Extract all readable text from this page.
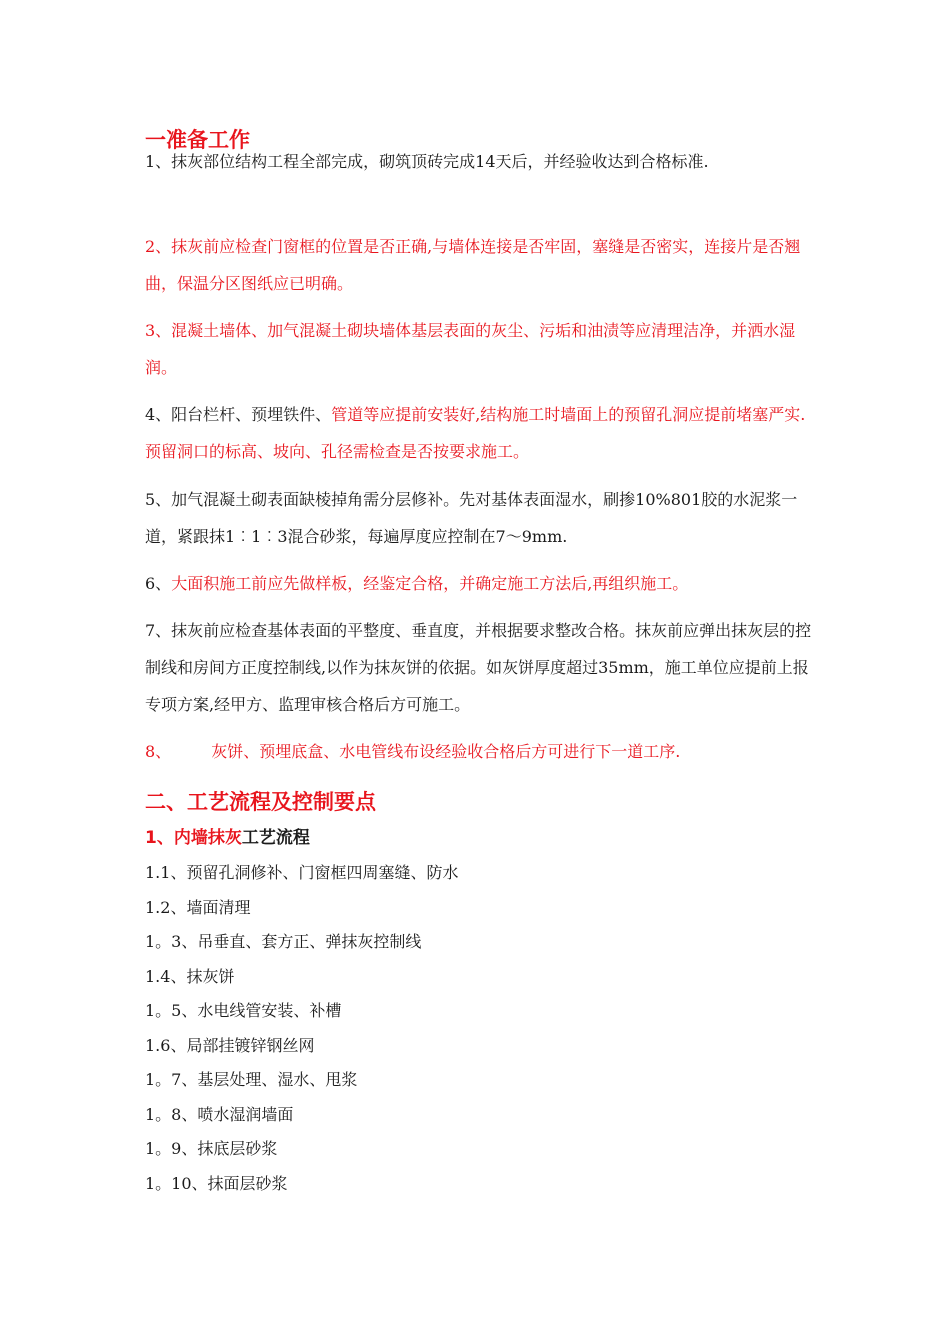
一准备工作
1、抹灰部位结构工程全部完成，砌筑顶砖完成14天后，并经验收达到合格标准.
2、抹灰前应检查门窗框的位置是否正确,与墙体连接是否牢固，塞缝是否密实，连接片是否翘曲，保温分区图纸应已明确。
3、混凝土墙体、加气混凝土砌块墙体基层表面的灰尘、污垢和油渍等应清理洁净，并洒水湿润。
4、阳台栏杆、预埋铁件、管道等应提前安装好,结构施工时墙面上的预留孔洞应提前堵塞严实.预留洞口的标高、坡向、孔径需检查是否按要求施工。
5、加气混凝土砌表面缺棱掉角需分层修补。先对基体表面湿水，刷掺10%801胶的水泥浆一道，紧跟抹1︰1︰3混合砂浆，每遍厚度应控制在7～9mm.
6、大面积施工前应先做样板，经鉴定合格，并确定施工方法后,再组织施工。
7、抹灰前应检查基体表面的平整度、垂直度，并根据要求整改合格。抹灰前应弹出抹灰层的控制线和房间方正度控制线,以作为抹灰饼的依据。如灰饼厚度超过35mm，施工单位应提前上报专项方案,经甲方、监理审核合格后方可施工。
8、	灰饼、预埋底盒、水电管线布设经验收合格后方可进行下一道工序.
二、工艺流程及控制要点
1、内墙抹灰工艺流程
1.1、预留孔洞修补、门窗框四周塞缝、防水
1.2、墙面清理
1。3、吊垂直、套方正、弹抹灰控制线
1.4、抹灰饼
1。5、水电线管安装、补槽
1.6、局部挂镀锌钢丝网
1。7、基层处理、湿水、甩浆
1。8、喷水湿润墙面
1。9、抹底层砂浆
1。10、抹面层砂浆
